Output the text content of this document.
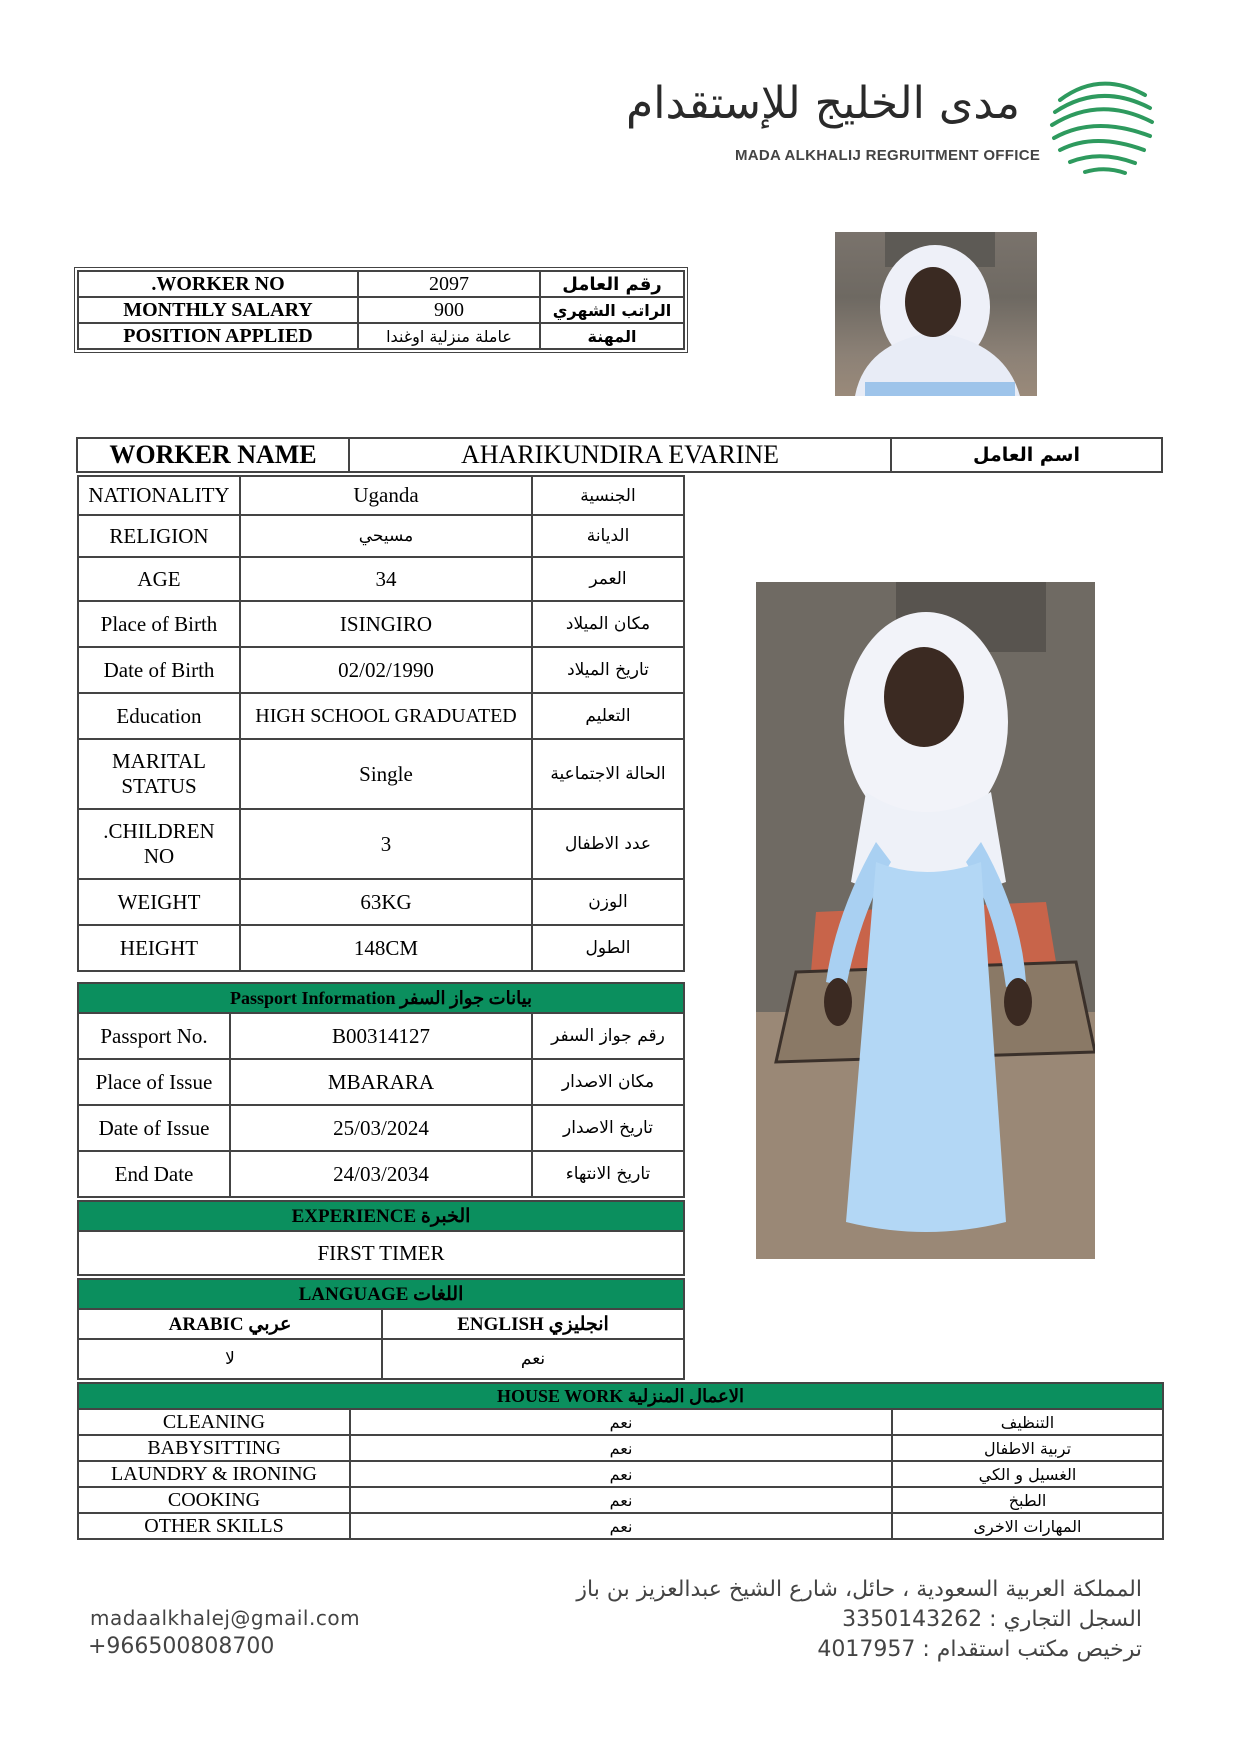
مدى الخليج للإستقدام
MADA ALKHALIJ REGRUITMENT OFFICE
.WORKER NO	2097	رقم العامل
MONTHLY SALARY	900	الراتب الشهري
POSITION APPLIED	عاملة منزلية اوغندا	المهنة
WORKER NAME	AHARIKUNDIRA EVARINE	اسم العامل
NATIONALITY	Uganda	الجنسية
RELIGION	مسيحي	الديانة
AGE	34	العمر
Place of Birth	ISINGIRO	مكان الميلاد
Date of Birth	02/02/1990	تاريخ الميلاد
Education	HIGH SCHOOL GRADUATED	التعليم
MARITAL STATUS	Single	الحالة الاجتماعية
.CHILDREN NO	3	عدد الاطفال
WEIGHT	63KG	الوزن
HEIGHT	148CM	الطول
Passport Information بيانات جواز السفر		
Passport No.	B00314127	رقم جواز السفر
Place of Issue	MBARARA	مكان الاصدار
Date of Issue	25/03/2024	تاريخ الاصدار
End Date	24/03/2034	تاريخ الانتهاء
EXPERIENCE الخبرة
FIRST TIMER
LANGUAGE اللغات	
ARABIC عربي	ENGLISH انجليزي
لا	نعم
HOUSE WORK الاعمال المنزلية		
CLEANING	نعم	التنظيف
BABYSITTING	نعم	تربية الاطفال
LAUNDRY & IRONING	نعم	الغسيل و الكي
COOKING	نعم	الطبخ
OTHER SKILLS	نعم	المهارات الاخرى
madaalkhalej@gmail.com
+966500808700
المملكة العربية السعودية ، حائل، شارع الشيخ عبدالعزيز بن باز
السجل التجاري : 3350143262
ترخيص مكتب استقدام : 4017957
